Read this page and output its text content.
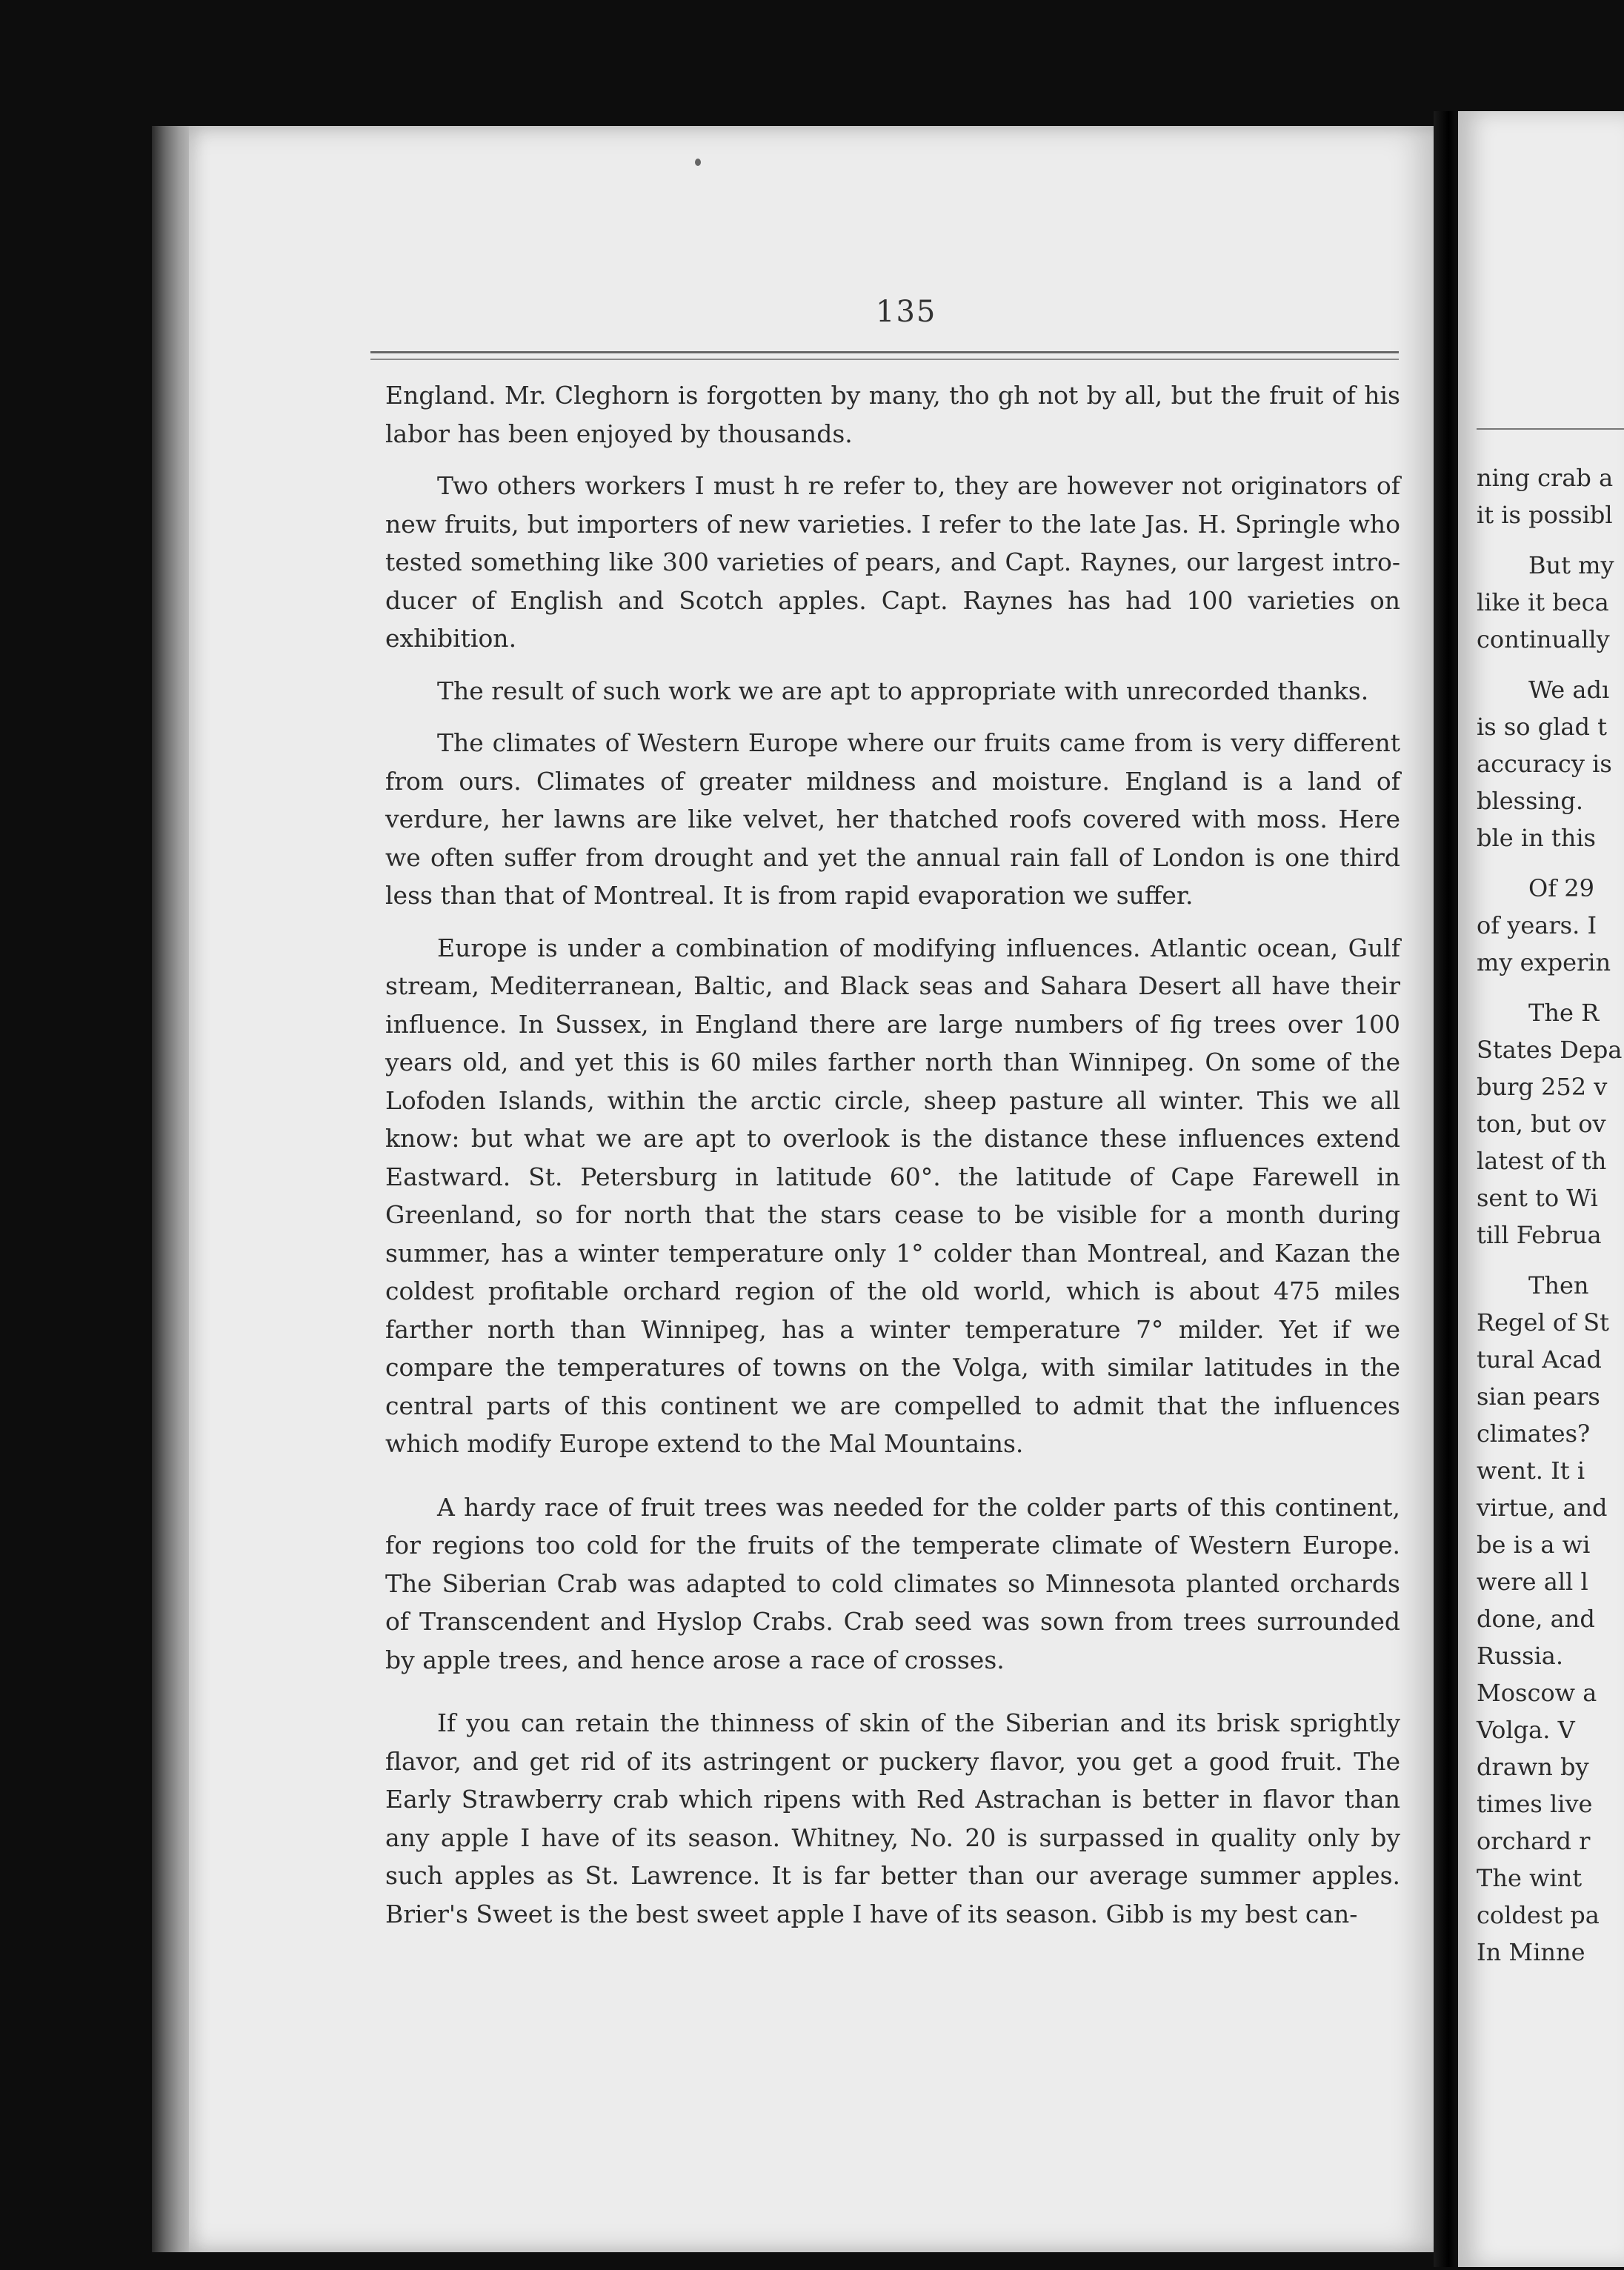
ning crab a
it is possibl
But my
like it beca
continually
We adı
is so glad t
accuracy is
blessing.
ble in this
Of 29
of years. I
my experin
The R
States Depa
burg 252 v
ton, but ov
latest of th
sent to Wi
till Februa
Then
Regel of St
tural Acad
sian pears
climates?
went. It i
virtue, and
be is a wi
were all l
done, and
Russia.
Moscow a
Volga. V
drawn by
times live
orchard r
The wint
coldest pa
In Minne
135

England. Mr. Cleghorn is forgotten by many, tho gh not by all, but the fruit of his labor has been enjoyed by thousands.

Two others workers I must h re refer to, they are however not originators of new fruits, but importers of new varieties. I refer to the late Jas. H. Springle who tested something like 300 varieties of pears, and Capt. Raynes, our largest intro-ducer of English and Scotch apples. Capt. Raynes has had 100 varieties on exhibition.

The result of such work we are apt to appropriate with unrecorded thanks.

The climates of Western Europe where our fruits came from is very different from ours. Climates of greater mildness and moisture. England is a land of verdure, her lawns are like velvet, her thatched roofs covered with moss. Here we often suffer from drought and yet the annual rain fall of London is one third less than that of Montreal. It is from rapid evaporation we suffer.

Europe is under a combination of modifying influences. Atlantic ocean, Gulf stream, Mediterranean, Baltic, and Black seas and Sahara Desert all have their influence. In Sussex, in England there are large numbers of fig trees over 100 years old, and yet this is 60 miles farther north than Winnipeg. On some of the Lofoden Islands, within the arctic circle, sheep pasture all winter. This we all know: but what we are apt to overlook is the distance these influences extend Eastward. St. Petersburg in latitude 60°. the latitude of Cape Farewell in Greenland, so for north that the stars cease to be visible for a month during summer, has a winter temperature only 1° colder than Montreal, and Kazan the coldest profitable orchard region of the old world, which is about 475 miles farther north than Winnipeg, has a winter temperature 7° milder. Yet if we compare the temperatures of towns on the Volga, with similar latitudes in the central parts of this continent we are compelled to admit that the influences which modify Europe extend to the Mal Mountains.

A hardy race of fruit trees was needed for the colder parts of this continent, for regions too cold for the fruits of the temperate climate of Western Europe. The Siberian Crab was adapted to cold climates so Minnesota planted orchards of Transcendent and Hyslop Crabs. Crab seed was sown from trees surrounded by apple trees, and hence arose a race of crosses.

If you can retain the thinness of skin of the Siberian and its brisk sprightly flavor, and get rid of its astringent or puckery flavor, you get a good fruit. The Early Strawberry crab which ripens with Red Astrachan is better in flavor than any apple I have of its season. Whitney, No. 20 is surpassed in quality only by such apples as St. Lawrence. It is far better than our average summer apples. Brier's Sweet is the best sweet apple I have of its season. Gibb is my best can-
